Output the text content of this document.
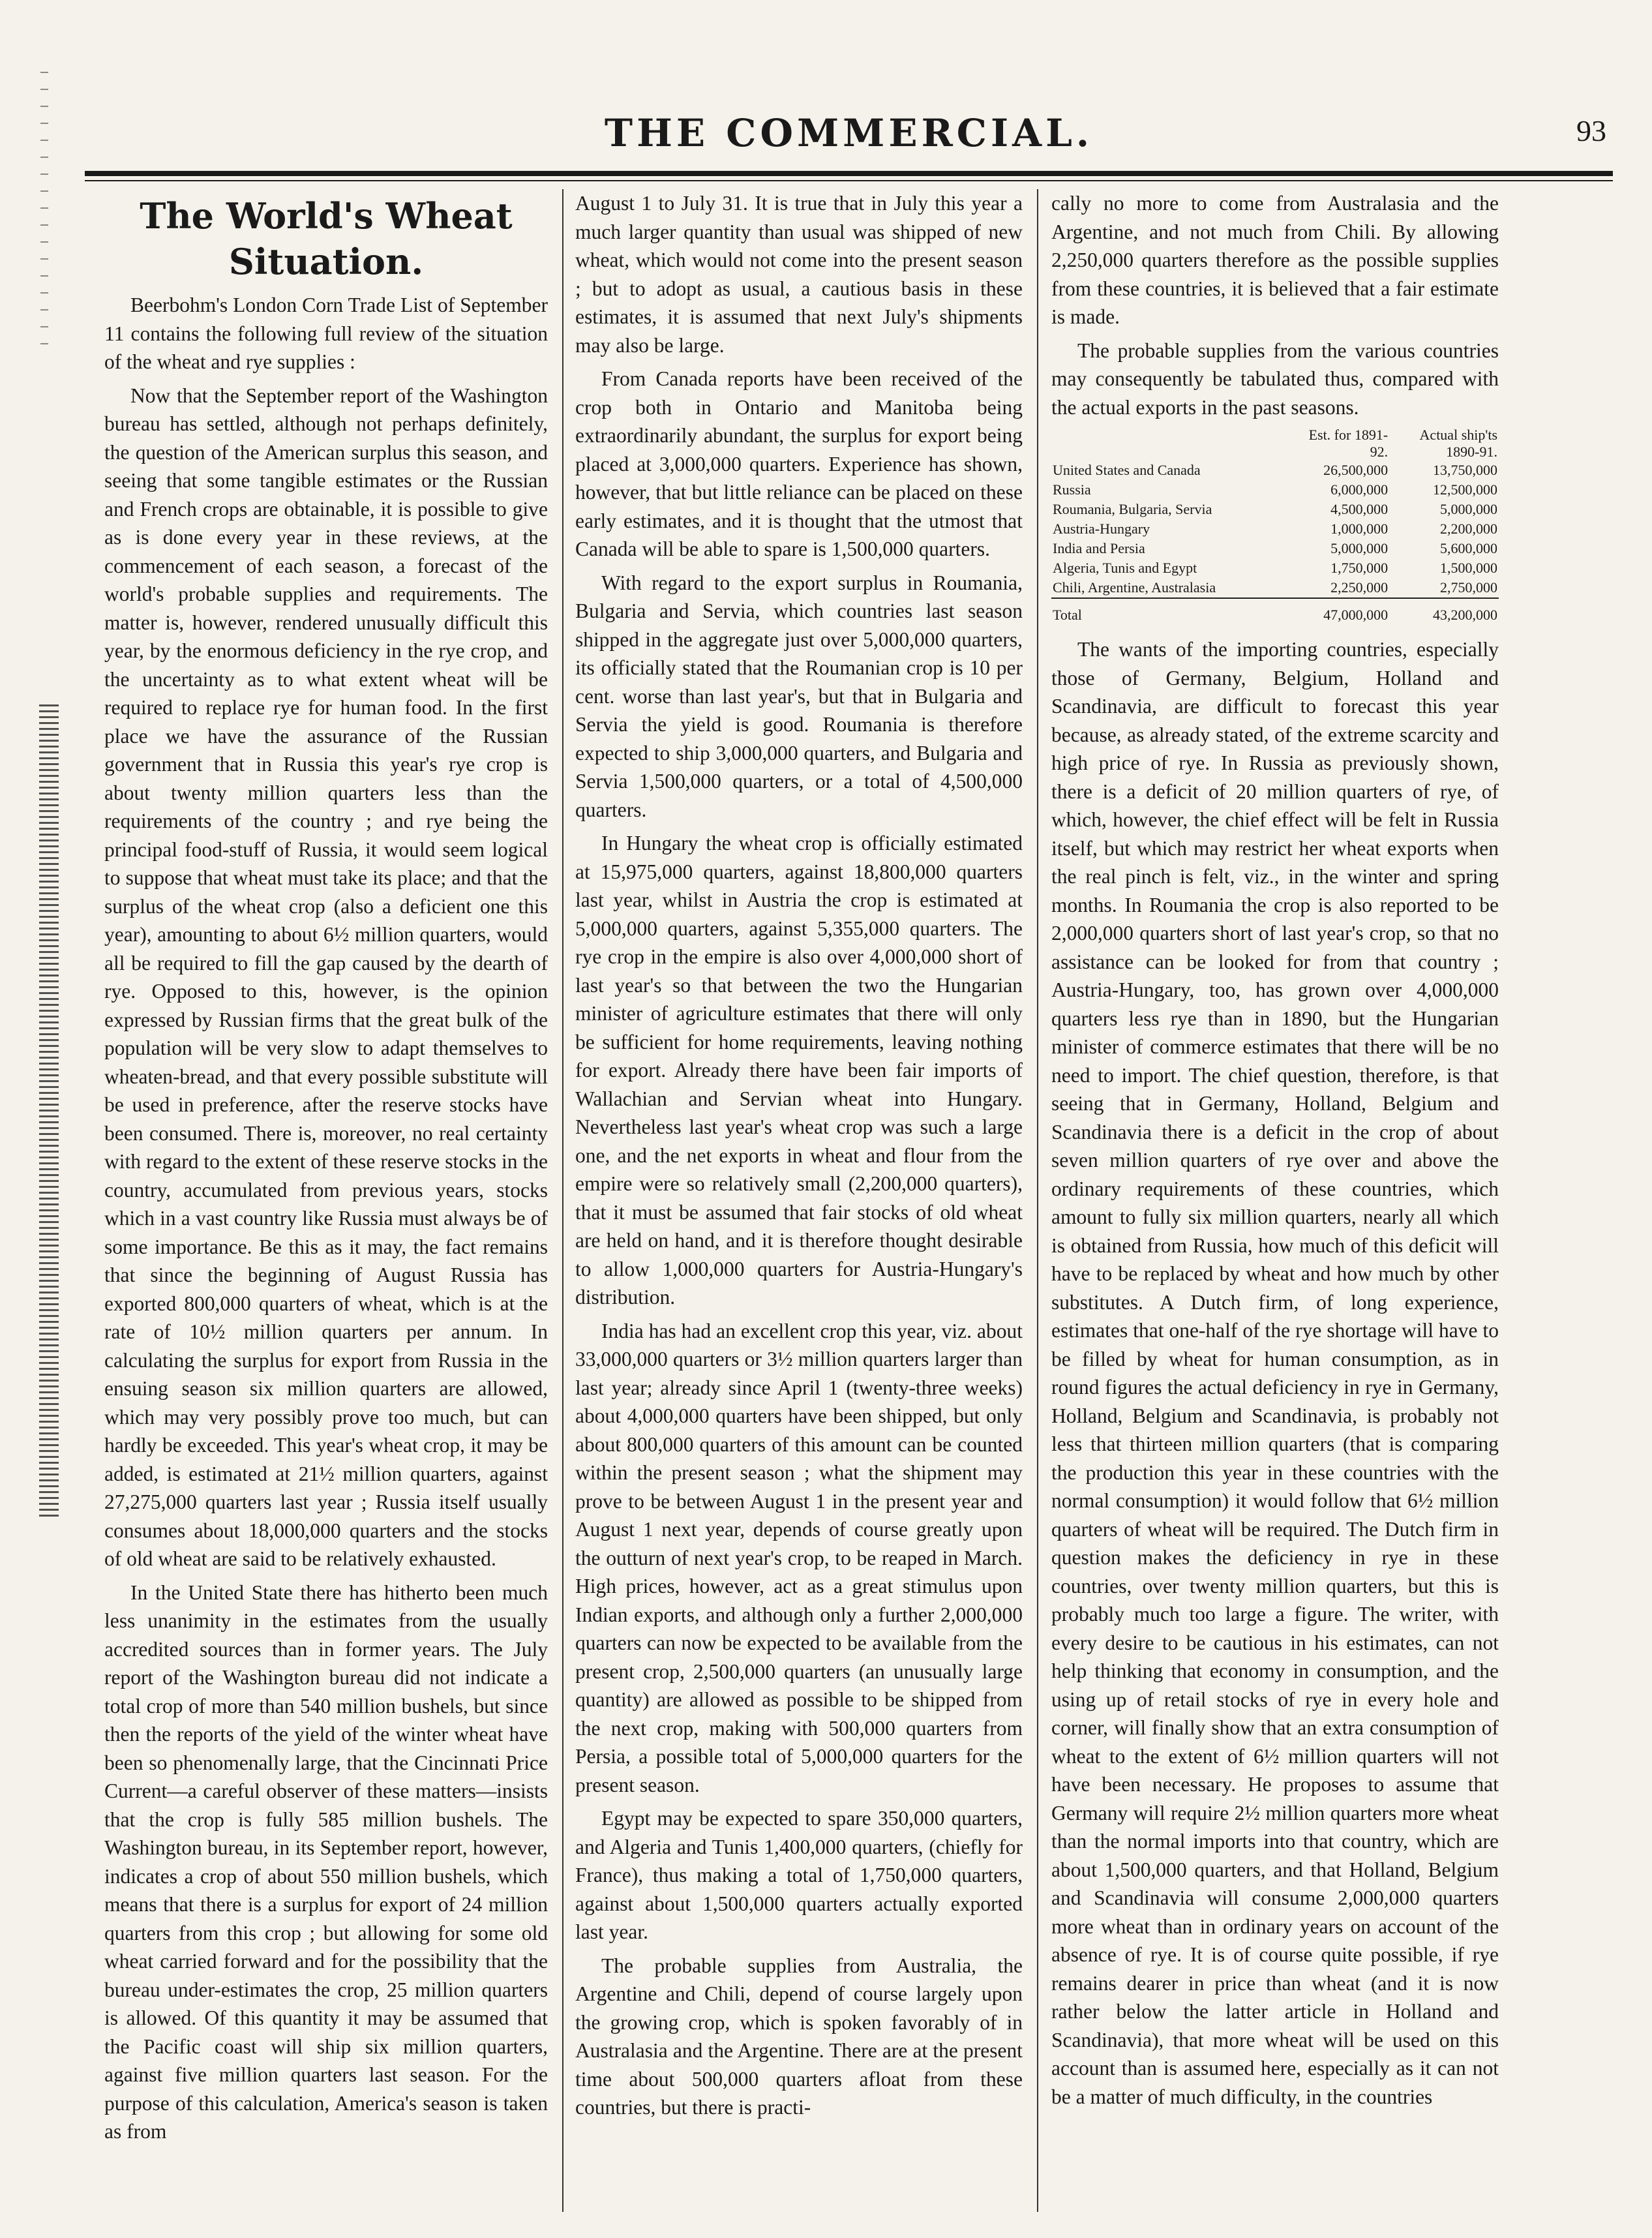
THE COMMERCIAL.	93
The World's Wheat Situation.

Beerbohm's London Corn Trade List of September 11 contains the following full review of the situation of the wheat and rye supplies :

Now that the September report of the Washington bureau has settled, although not perhaps definitely, the question of the American surplus this season, and seeing that some tangible estimates or the Russian and French crops are obtainable, it is possible to give as is done every year in these reviews, at the commencement of each season, a forecast of the world's probable supplies and requirements. The matter is, however, rendered unusually difficult this year, by the enormous deficiency in the rye crop, and the uncertainty as to what extent wheat will be required to replace rye for human food. In the first place we have the assurance of the Russian government that in Russia this year's rye crop is about twenty million quarters less than the requirements of the country ; and rye being the principal food-stuff of Russia, it would seem logical to suppose that wheat must take its place; and that the surplus of the wheat crop (also a deficient one this year), amounting to about 6½ million quarters, would all be required to fill the gap caused by the dearth of rye. Opposed to this, however, is the opinion expressed by Russian firms that the great bulk of the population will be very slow to adapt themselves to wheaten-bread, and that every possible substitute will be used in preference, after the reserve stocks have been consumed. There is, moreover, no real certainty with regard to the extent of these reserve stocks in the country, accumulated from previous years, stocks which in a vast country like Russia must always be of some importance. Be this as it may, the fact remains that since the beginning of August Russia has exported 800,000 quarters of wheat, which is at the rate of 10½ million quarters per annum. In calculating the surplus for export from Russia in the ensuing season six million quarters are allowed, which may very possibly prove too much, but can hardly be exceeded. This year's wheat crop, it may be added, is estimated at 21½ million quarters, against 27,275,000 quarters last year ; Russia itself usually consumes about 18,000,000 quarters and the stocks of old wheat are said to be relatively exhausted.

In the United State there has hitherto been much less unanimity in the estimates from the usually accredited sources than in former years. The July report of the Washington bureau did not indicate a total crop of more than 540 million bushels, but since then the reports of the yield of the winter wheat have been so phenomenally large, that the Cincinnati Price Current—a careful observer of these matters—insists that the crop is fully 585 million bushels. The Washington bureau, in its September report, however, indicates a crop of about 550 million bushels, which means that there is a surplus for export of 24 million quarters from this crop ; but allowing for some old wheat carried forward and for the possibility that the bureau under-estimates the crop, 25 million quarters is allowed. Of this quantity it may be assumed that the Pacific coast will ship six million quarters, against five million quarters last season. For the purpose of this calculation, America's season is taken as from

August 1 to July 31. It is true that in July this year a much larger quantity than usual was shipped of new wheat, which would not come into the present season ; but to adopt as usual, a cautious basis in these estimates, it is assumed that next July's shipments may also be large.

From Canada reports have been received of the crop both in Ontario and Manitoba being extraordinarily abundant, the surplus for export being placed at 3,000,000 quarters. Experience has shown, however, that but little reliance can be placed on these early estimates, and it is thought that the utmost that Canada will be able to spare is 1,500,000 quarters.

With regard to the export surplus in Roumania, Bulgaria and Servia, which countries last season shipped in the aggregate just over 5,000,000 quarters, its officially stated that the Roumanian crop is 10 per cent. worse than last year's, but that in Bulgaria and Servia the yield is good. Roumania is therefore expected to ship 3,000,000 quarters, and Bulgaria and Servia 1,500,000 quarters, or a total of 4,500,000 quarters.

In Hungary the wheat crop is officially estimated at 15,975,000 quarters, against 18,800,000 quarters last year, whilst in Austria the crop is estimated at 5,000,000 quarters, against 5,355,000 quarters. The rye crop in the empire is also over 4,000,000 short of last year's so that between the two the Hungarian minister of agriculture estimates that there will only be sufficient for home requirements, leaving nothing for export. Already there have been fair imports of Wallachian and Servian wheat into Hungary. Nevertheless last year's wheat crop was such a large one, and the net exports in wheat and flour from the empire were so relatively small (2,200,000 quarters), that it must be assumed that fair stocks of old wheat are held on hand, and it is therefore thought desirable to allow 1,000,000 quarters for Austria-Hungary's distribution.

India has had an excellent crop this year, viz. about 33,000,000 quarters or 3½ million quarters larger than last year; already since April 1 (twenty-three weeks) about 4,000,000 quarters have been shipped, but only about 800,000 quarters of this amount can be counted within the present season ; what the shipment may prove to be between August 1 in the present year and August 1 next year, depends of course greatly upon the outturn of next year's crop, to be reaped in March. High prices, however, act as a great stimulus upon Indian exports, and although only a further 2,000,000 quarters can now be expected to be available from the present crop, 2,500,000 quarters (an unusually large quantity) are allowed as possible to be shipped from the next crop, making with 500,000 quarters from Persia, a possible total of 5,000,000 quarters for the present season.

Egypt may be expected to spare 350,000 quarters, and Algeria and Tunis 1,400,000 quarters, (chiefly for France), thus making a total of 1,750,000 quarters, against about 1,500,000 quarters actually exported last year.

The probable supplies from Australia, the Argentine and Chili, depend of course largely upon the growing crop, which is spoken favorably of in Australasia and the Argentine. There are at the present time about 500,000 quarters afloat from these countries, but there is practi-

cally no more to come from Australasia and the Argentine, and not much from Chili. By allowing 2,250,000 quarters therefore as the possible supplies from these countries, it is believed that a fair estimate is made.

The probable supplies from the various countries may consequently be tabulated thus, compared with the actual exports in the past seasons.

	Est. for 1891-92.	Actual ship'ts 1890-91.
United States and Canada	26,500,000	13,750,000
Russia	6,000,000	12,500,000
Roumania, Bulgaria, Servia	4,500,000	5,000,000
Austria-Hungary	1,000,000	2,200,000
India and Persia	5,000,000	5,600,000
Algeria, Tunis and Egypt	1,750,000	1,500,000
Chili, Argentine, Australasia	2,250,000	2,750,000
Total	47,000,000	43,200,000

The wants of the importing countries, especially those of Germany, Belgium, Holland and Scandinavia, are difficult to forecast this year because, as already stated, of the extreme scarcity and high price of rye. In Russia as previously shown, there is a deficit of 20 million quarters of rye, of which, however, the chief effect will be felt in Russia itself, but which may restrict her wheat exports when the real pinch is felt, viz., in the winter and spring months. In Roumania the crop is also reported to be 2,000,000 quarters short of last year's crop, so that no assistance can be looked for from that country ; Austria-Hungary, too, has grown over 4,000,000 quarters less rye than in 1890, but the Hungarian minister of commerce estimates that there will be no need to import. The chief question, therefore, is that seeing that in Germany, Holland, Belgium and Scandinavia there is a deficit in the crop of about seven million quarters of rye over and above the ordinary requirements of these countries, which amount to fully six million quarters, nearly all which is obtained from Russia, how much of this deficit will have to be replaced by wheat and how much by other substitutes. A Dutch firm, of long experience, estimates that one-half of the rye shortage will have to be filled by wheat for human consumption, as in round figures the actual deficiency in rye in Germany, Holland, Belgium and Scandinavia, is probably not less that thirteen million quarters (that is comparing the production this year in these countries with the normal consumption) it would follow that 6½ million quarters of wheat will be required. The Dutch firm in question makes the deficiency in rye in these countries, over twenty million quarters, but this is probably much too large a figure. The writer, with every desire to be cautious in his estimates, can not help thinking that economy in consumption, and the using up of retail stocks of rye in every hole and corner, will finally show that an extra consumption of wheat to the extent of 6½ million quarters will not have been necessary. He proposes to assume that Germany will require 2½ million quarters more wheat than the normal imports into that country, which are about 1,500,000 quarters, and that Holland, Belgium and Scandinavia will consume 2,000,000 quarters more wheat than in ordinary years on account of the absence of rye. It is of course quite possible, if rye remains dearer in price than wheat (and it is now rather below the latter article in Holland and Scandinavia), that more wheat will be used on this account than is assumed here, especially as it can not be a matter of much difficulty, in the countries
